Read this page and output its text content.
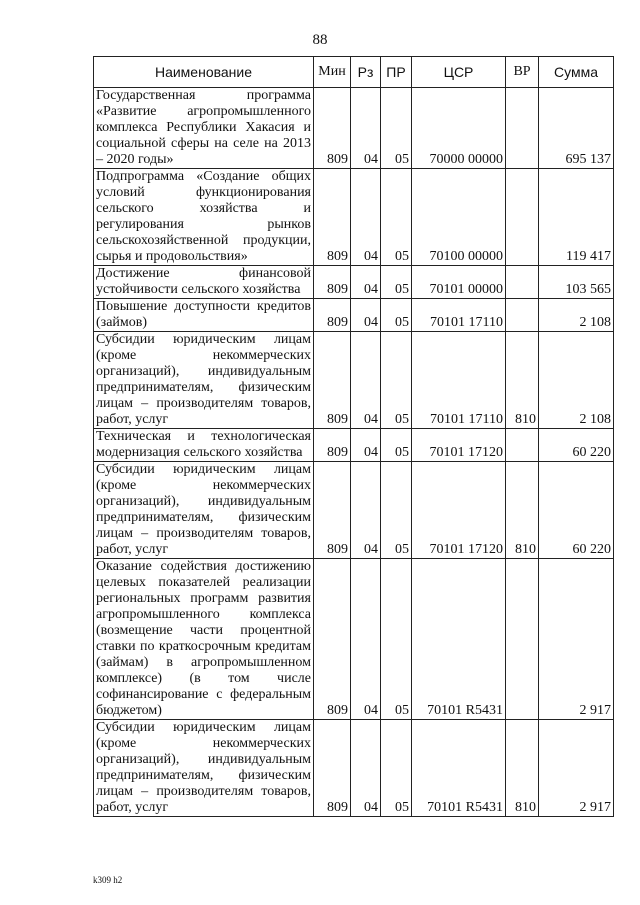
88
Наименование	Мин	Рз	ПР	ЦСР	ВР	Сумма
Государственная программа «Развитие агропромышленного комплекса Республики Хакасия и социальной сферы на селе на 2013 – 2020 годы»	809	04	05	70000 00000		695 137
Подпрограмма «Создание общих условий функционирования сельского хозяйства и регулирования рынков сельскохозяйственной продукции, сырья и продовольствия»	809	04	05	70100 00000		119 417
Достижение финансовой устойчивости сельского хозяйства	809	04	05	70101 00000		103 565
Повышение доступности кредитов (займов)	809	04	05	70101 17110		2 108
Субсидии юридическим лицам (кроме некоммерческих организаций), индивидуальным предпринимателям, физическим лицам – производителям товаров, работ, услуг	809	04	05	70101 17110	810	2 108
Техническая и технологическая модернизация сельского хозяйства	809	04	05	70101 17120		60 220
Субсидии юридическим лицам (кроме некоммерческих организаций), индивидуальным предпринимателям, физическим лицам – производителям товаров, работ, услуг	809	04	05	70101 17120	810	60 220
Оказание содействия достижению целевых показателей реализации региональных программ развития агропромышленного комплекса (возмещение части процентной ставки по краткосрочным кредитам (займам) в агропромышленном комплексе) (в том числе софинансирование с федеральным бюджетом)	809	04	05	70101 R5431		2 917
Субсидии юридическим лицам (кроме некоммерческих организаций), индивидуальным предпринимателям, физическим лицам – производителям товаров, работ, услуг	809	04	05	70101 R5431	810	2 917
k309 h2
